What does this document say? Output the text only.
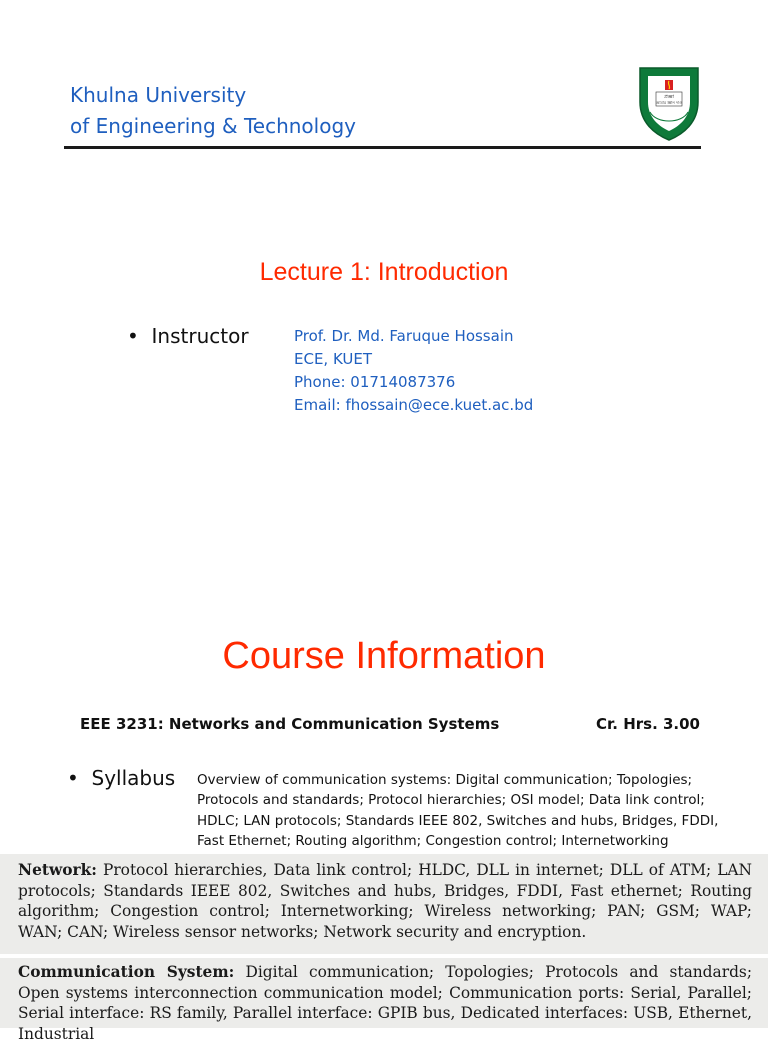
Khulna University
of Engineering & Technology
প্রজ্ঞা
আমার জ্ঞান দাও
Lecture 1: Introduction
•  Instructor	Prof. Dr. Md. Faruque Hossain
ECE, KUET
Phone: 01714087376
Email: fhossain@ece.kuet.ac.bd
Course Information
EEE 3231: Networks and Communication Systems	Cr. Hrs. 3.00
•  Syllabus Overview of communication systems: Digital communication; Topologies; Protocols and standards; Protocol hierarchies; OSI model; Data link control; HDLC; LAN protocols; Standards IEEE 802, Switches and hubs, Bridges, FDDI, Fast Ethernet; Routing algorithm; Congestion control; Internetworking
Network: Protocol hierarchies, Data link control; HLDC, DLL in internet; DLL of ATM; LAN protocols; Standards IEEE 802, Switches and hubs, Bridges, FDDI, Fast ethernet; Routing algorithm; Congestion control; Internetworking; Wireless networking; PAN; GSM; WAP; WAN; CAN; Wireless sensor networks; Network security and encryption.
Communication System: Digital communication; Topologies; Protocols and standards; Open systems interconnection communication model; Communication ports: Serial, Parallel; Serial interface: RS family, Parallel interface: GPIB bus, Dedicated interfaces: USB, Ethernet, Industrial
